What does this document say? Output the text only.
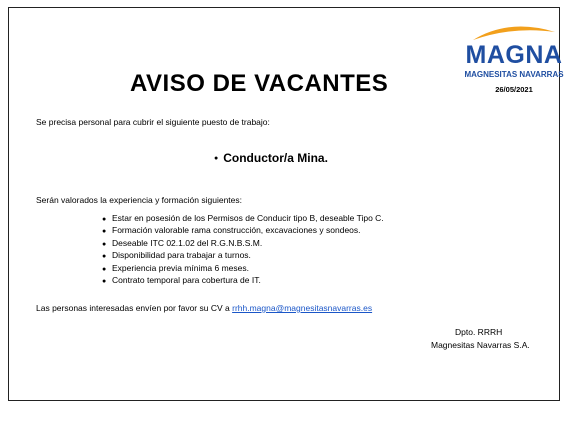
MAGNA
MAGNESITAS NAVARRAS
26/05/2021
AVISO DE VACANTES
Se precisa personal para cubrir el siguiente puesto de trabajo:
● Conductor/a Mina.
Serán valorados la experiencia y formación siguientes:
● Estar en posesión de los Permisos de Conducir tipo B, deseable Tipo C.
● Formación valorable rama construcción, excavaciones y sondeos.
● Deseable ITC 02.1.02 del R.G.N.B.S.M.
● Disponibilidad para trabajar a turnos.
● Experiencia previa mínima 6 meses.
● Contrato temporal para cobertura de IT.
Las personas interesadas envíen por favor su CV a rrhh.magna@magnesitasnavarras.es
Dpto. RRRH
Magnesitas Navarras S.A.
